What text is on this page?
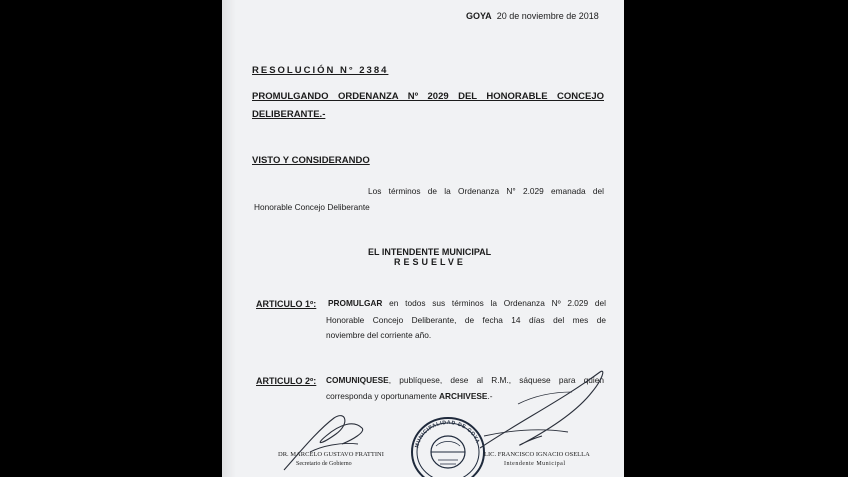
GOYA 20 de noviembre de 2018
RESOLUCIÓN N° 2384
PROMULGANDO ORDENANZA Nº 2029 DEL HONORABLE CONCEJO
DELIBERANTE.-
VISTO Y CONSIDERANDO
Los términos de la Ordenanza N° 2.029 emanada del
Honorable Concejo Deliberante
EL INTENDENTE MUNICIPAL
RESUELVE
ARTICULO 1º: PROMULGAR en todos sus términos la Ordenanza Nº 2.029 del
Honorable Concejo Deliberante, de fecha 14 días del mes de
noviembre del corriente año.
ARTICULO 2º: COMUNIQUESE, publíquese, dese al R.M., sáquese para quien
corresponda y oportunamente ARCHIVESE.-
MUNICIPALIDAD DE GOYA
DR. MARCELO GUSTAVO FRATTINI
Secretario de Gobierno
LIC. FRANCISCO IGNACIO OSELLA
Intendente Municipal
